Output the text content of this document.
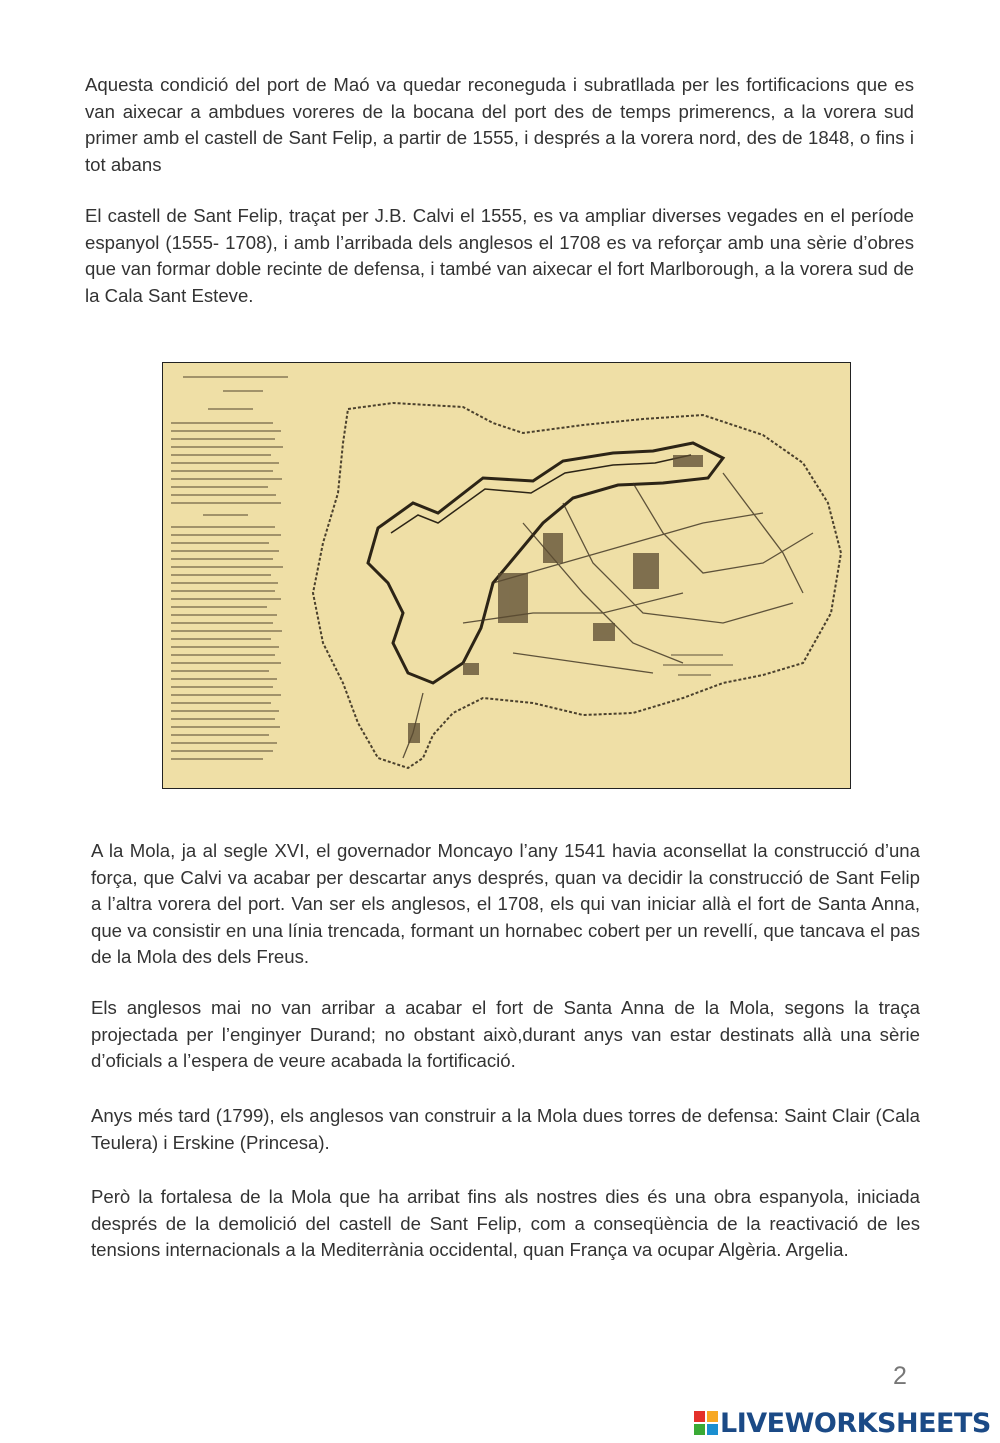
Aquesta condició del port de Maó va quedar reconeguda i subratllada per les fortificacions que es van aixecar a ambdues voreres de la bocana del port des de temps primerencs, a la vorera sud primer amb el castell de Sant Felip, a partir de 1555, i després a la vorera nord, des de 1848, o fins i tot abans

El castell de Sant Felip, traçat per J.B. Calvi el 1555, es va ampliar diverses vegades en el període espanyol (1555- 1708), i amb l’arribada dels anglesos el 1708 es va reforçar amb una sèrie d’obres que van formar doble recinte de defensa, i també van aixecar el fort Marlborough, a la vorera sud de la Cala Sant Esteve.

A la Mola, ja al segle XVI, el governador Moncayo l’any 1541 havia aconsellat la construcció d’una força, que Calvi va acabar per descartar anys després, quan va decidir la construcció de Sant Felip a l’altra vorera del port. Van ser els anglesos, el 1708, els qui van iniciar allà el fort de Santa Anna, que va consistir en una línia trencada, formant un hornabec cobert per un revellí, que tancava el pas de la Mola des dels Freus.

Els anglesos mai no van arribar a acabar el fort de Santa Anna de la Mola, segons la traça projectada per l’enginyer Durand; no obstant això,durant anys van estar destinats allà una sèrie d’oficials a l’espera de veure acabada la fortificació.

Anys més tard (1799), els anglesos van construir a la Mola dues torres de defensa: Saint Clair (Cala Teulera) i Erskine (Princesa).

Però la fortalesa de la Mola que ha arribat fins als nostres dies és una obra espanyola, iniciada després de la demolició del castell de Sant Felip, com a conseqüència de la reactivació de les tensions internacionals a la Mediterrània occidental, quan França va ocupar Algèria. Argelia.

2
LIVEWORKSHEETS
